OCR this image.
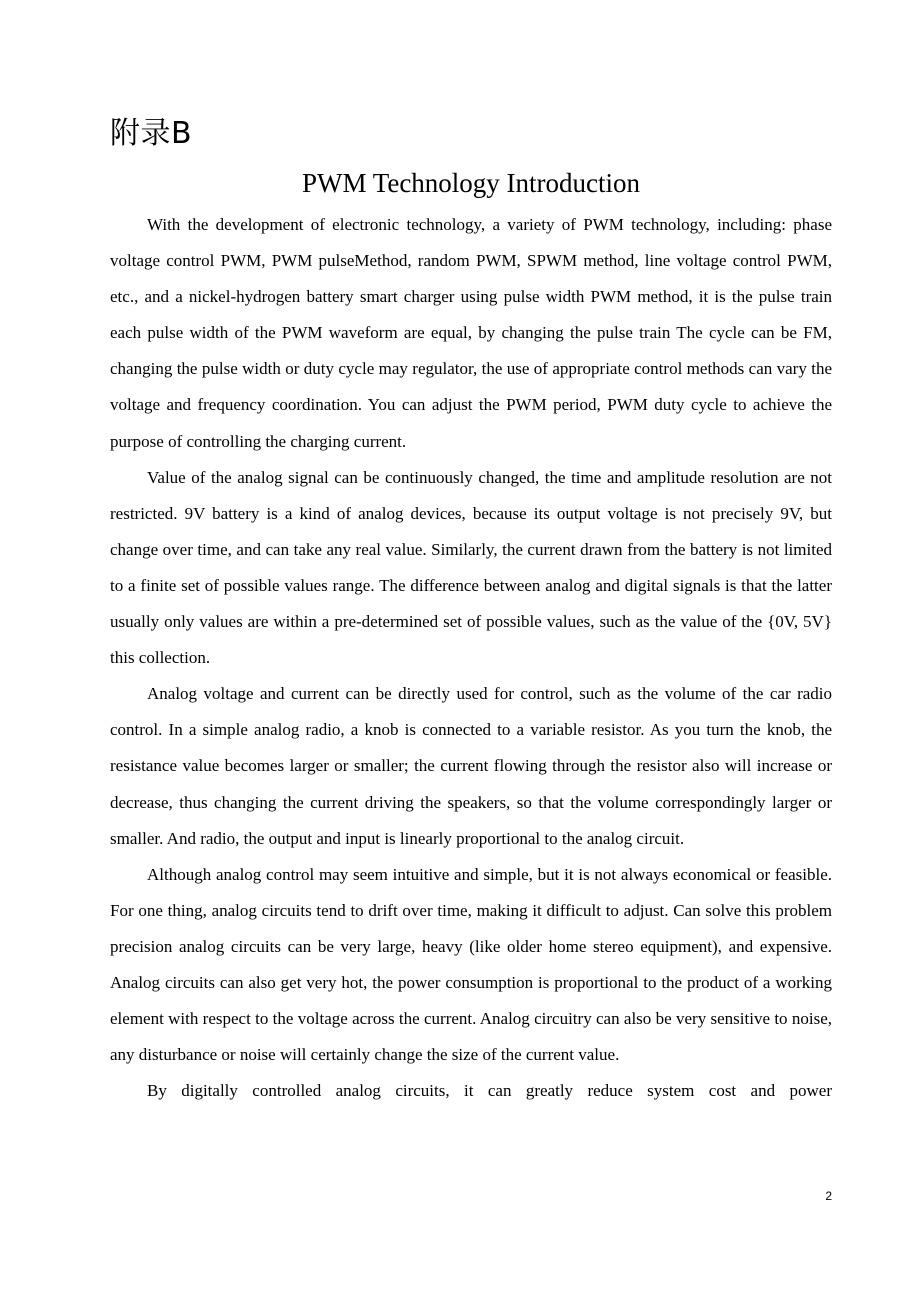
附录B
PWM Technology Introduction

With the development of electronic technology, a variety of PWM technology, including: phase voltage control PWM, PWM pulseMethod, random PWM, SPWM method, line voltage control PWM, etc., and a nickel-hydrogen battery smart charger using pulse width PWM method, it is the pulse train each pulse width of the PWM waveform are equal, by changing the pulse train The cycle can be FM, changing the pulse width or duty cycle may regulator, the use of appropriate control methods can vary the voltage and frequency coordination. You can adjust the PWM period, PWM duty cycle to achieve the purpose of controlling the charging current.

Value of the analog signal can be continuously changed, the time and amplitude resolution are not restricted. 9V battery is a kind of analog devices, because its output voltage is not precisely 9V, but change over time, and can take any real value. Similarly, the current drawn from the battery is not limited to a finite set of possible values range. The difference between analog and digital signals is that the latter usually only values are within a pre-determined set of possible values, such as the value of the {0V, 5V} this collection.

Analog voltage and current can be directly used for control, such as the volume of the car radio control. In a simple analog radio, a knob is connected to a variable resistor. As you turn the knob, the resistance value becomes larger or smaller; the current flowing through the resistor also will increase or decrease, thus changing the current driving the speakers, so that the volume correspondingly larger or smaller. And radio, the output and input is linearly proportional to the analog circuit.

Although analog control may seem intuitive and simple, but it is not always economical or feasible. For one thing, analog circuits tend to drift over time, making it difficult to adjust. Can solve this problem precision analog circuits can be very large, heavy (like older home stereo equipment), and expensive. Analog circuits can also get very hot, the power consumption is proportional to the product of a working element with respect to the voltage across the current. Analog circuitry can also be very sensitive to noise, any disturbance or noise will certainly change the size of the current value.

By digitally controlled analog circuits, it can greatly reduce system cost and power

2
